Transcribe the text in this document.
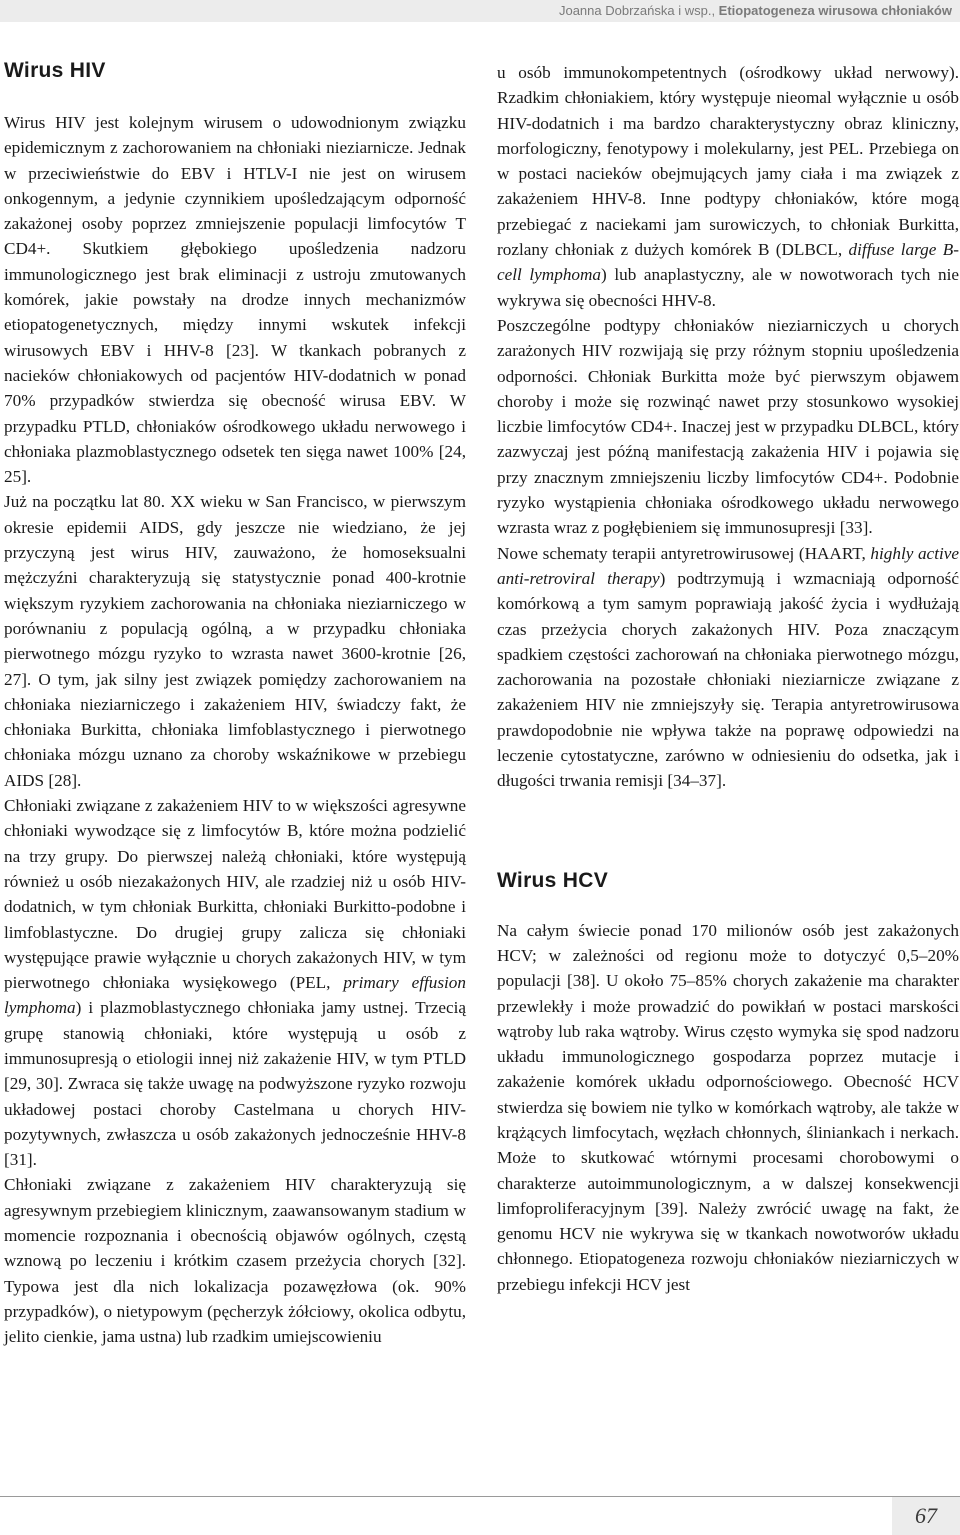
Joanna Dobrzańska i wsp., Etiopatogeneza wirusowa chłoniaków
Wirus HIV

Wirus HIV jest kolejnym wirusem o udowodnionym związku epidemicznym z zachorowaniem na chłoniaki nieziarnicze. Jednak w przeciwieństwie do EBV i HTLV-I nie jest on wirusem onkogennym, a jedynie czynnikiem upośledzającym odporność zakażonej osoby poprzez zmniejszenie populacji limfocytów T CD4+. Skutkiem głębokiego upośledzenia nadzoru immunologicznego jest brak eliminacji z ustroju zmutowanych komórek, jakie powstały na drodze innych mechanizmów etiopatogenetycznych, między innymi wskutek infekcji wirusowych EBV i HHV-8 [23]. W tkankach pobranych z nacieków chłoniakowych od pacjentów HIV-dodatnich w ponad 70% przypadków stwierdza się obecność wirusa EBV. W przypadku PTLD, chłoniaków ośrodkowego układu nerwowego i chłoniaka plazmoblastycznego odsetek ten sięga nawet 100% [24, 25].

Już na początku lat 80. XX wieku w San Francisco, w pierwszym okresie epidemii AIDS, gdy jeszcze nie wiedziano, że jej przyczyną jest wirus HIV, zauważono, że homoseksualni mężczyźni charakteryzują się statystycznie ponad 400-krotnie większym ryzykiem zachorowania na chłoniaka nieziarniczego w porównaniu z populacją ogólną, a w przypadku chłoniaka pierwotnego mózgu ryzyko to wzrasta nawet 3600-krotnie [26, 27]. O tym, jak silny jest związek pomiędzy zachorowaniem na chłoniaka nieziarniczego i zakażeniem HIV, świadczy fakt, że chłoniaka Burkitta, chłoniaka limfoblastycznego i pierwotnego chłoniaka mózgu uznano za choroby wskaźnikowe w przebiegu AIDS [28].

Chłoniaki związane z zakażeniem HIV to w większości agresywne chłoniaki wywodzące się z limfocytów B, które można podzielić na trzy grupy. Do pierwszej należą chłoniaki, które występują również u osób niezakażonych HIV, ale rzadziej niż u osób HIV-dodatnich, w tym chłoniak Burkitta, chłoniaki Burkitto-podobne i limfoblastyczne. Do drugiej grupy zalicza się chłoniaki występujące prawie wyłącznie u chorych zakażonych HIV, w tym pierwotnego chłoniaka wysiękowego (PEL, primary effusion lymphoma) i plazmoblastycznego chłoniaka jamy ustnej. Trzecią grupę stanowią chłoniaki, które występują u osób z immunosupresją o etiologii innej niż zakażenie HIV, w tym PTLD [29, 30]. Zwraca się także uwagę na podwyższone ryzyko rozwoju układowej postaci choroby Castelmana u chorych HIV-pozytywnych, zwłaszcza u osób zakażonych jednocześnie HHV-8 [31].

Chłoniaki związane z zakażeniem HIV charakteryzują się agresywnym przebiegiem klinicznym, zaawansowanym stadium w momencie rozpoznania i obecnością objawów ogólnych, częstą wznową po leczeniu i krótkim czasem przeżycia chorych [32]. Typowa jest dla nich lokalizacja pozawęzłowa (ok. 90% przypadków), o nietypowym (pęcherzyk żółciowy, okolica odbytu, jelito cienkie, jama ustna) lub rzadkim umiejscowieniu

u osób immunokompetentnych (ośrodkowy układ nerwowy). Rzadkim chłoniakiem, który występuje nieomal wyłącznie u osób HIV-dodatnich i ma bardzo charakterystyczny obraz kliniczny, morfologiczny, fenotypowy i molekularny, jest PEL. Przebiega on w postaci nacieków obejmujących jamy ciała i ma związek z zakażeniem HHV-8. Inne podtypy chłoniaków, które mogą przebiegać z naciekami jam surowiczych, to chłoniak Burkitta, rozlany chłoniak z dużych komórek B (DLBCL, diffuse large B-cell lymphoma) lub anaplastyczny, ale w nowotworach tych nie wykrywa się obecności HHV-8.

Poszczególne podtypy chłoniaków nieziarniczych u chorych zarażonych HIV rozwijają się przy różnym stopniu upośledzenia odporności. Chłoniak Burkitta może być pierwszym objawem choroby i może się rozwinąć nawet przy stosunkowo wysokiej liczbie limfocytów CD4+. Inaczej jest w przypadku DLBCL, który zazwyczaj jest późną manifestacją zakażenia HIV i pojawia się przy znacznym zmniejszeniu liczby limfocytów CD4+. Podobnie ryzyko wystąpienia chłoniaka ośrodkowego układu nerwowego wzrasta wraz z pogłębieniem się immunosupresji [33].

Nowe schematy terapii antyretrowirusowej (HAART, highly active anti-retroviral therapy) podtrzymują i wzmacniają odporność komórkową a tym samym poprawiają jakość życia i wydłużają czas przeżycia chorych zakażonych HIV. Poza znaczącym spadkiem częstości zachorowań na chłoniaka pierwotnego mózgu, zachorowania na pozostałe chłoniaki nieziarnicze związane z zakażeniem HIV nie zmniejszyły się. Terapia antyretrowirusowa prawdopodobnie nie wpływa także na poprawę odpowiedzi na leczenie cytostatyczne, zarówno w odniesieniu do odsetka, jak i długości trwania remisji [34–37].

Wirus HCV

Na całym świecie ponad 170 milionów osób jest zakażonych HCV; w zależności od regionu może to dotyczyć 0,5–20% populacji [38]. U około 75–85% chorych zakażenie ma charakter przewlekły i może prowadzić do powikłań w postaci marskości wątroby lub raka wątroby. Wirus często wymyka się spod nadzoru układu immunologicznego gospodarza poprzez mutacje i zakażenie komórek układu odpornościowego. Obecność HCV stwierdza się bowiem nie tylko w komórkach wątroby, ale także w krążących limfocytach, węzłach chłonnych, śliniankach i nerkach. Może to skutkować wtórnymi procesami chorobowymi o charakterze autoimmunologicznym, a w dalszej konsekwencji limfoproliferacyjnym [39]. Należy zwrócić uwagę na fakt, że genomu HCV nie wykrywa się w tkankach nowotworów układu chłonnego. Etiopatogeneza rozwoju chłoniaków nieziarniczych w przebiegu infekcji HCV jest

67
